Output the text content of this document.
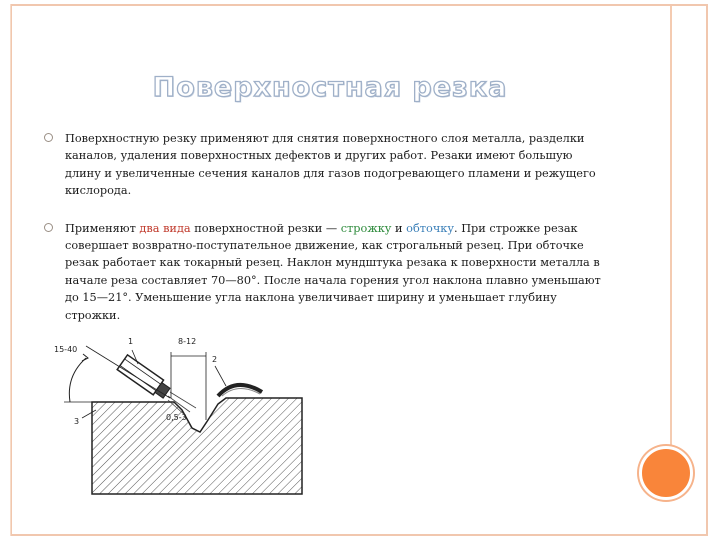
Поверхностная резка
Поверхностную резку применяют для снятия поверхностного слоя металла, разделки каналов, удаления поверхностных дефектов и других работ. Резаки имеют большую длину и увеличенные сечения каналов для газов подогревающего пламени и режущего кислорода.
Применяют два вида поверхностной резки — строжку и обточку. При строжке резак совершает возвратно-поступательное движение, как строгальный резец. При обточке резак работает как токарный резец. Наклон мундштука резака к поверхности металла в начале реза составляет 70—80°. После начала горения угол наклона плавно уменьшают до 15—21°. Уменьшение угла наклона увеличивает ширину и уменьшает глубину строжки.
15-40
1
2
3
8-12
0,5-3
